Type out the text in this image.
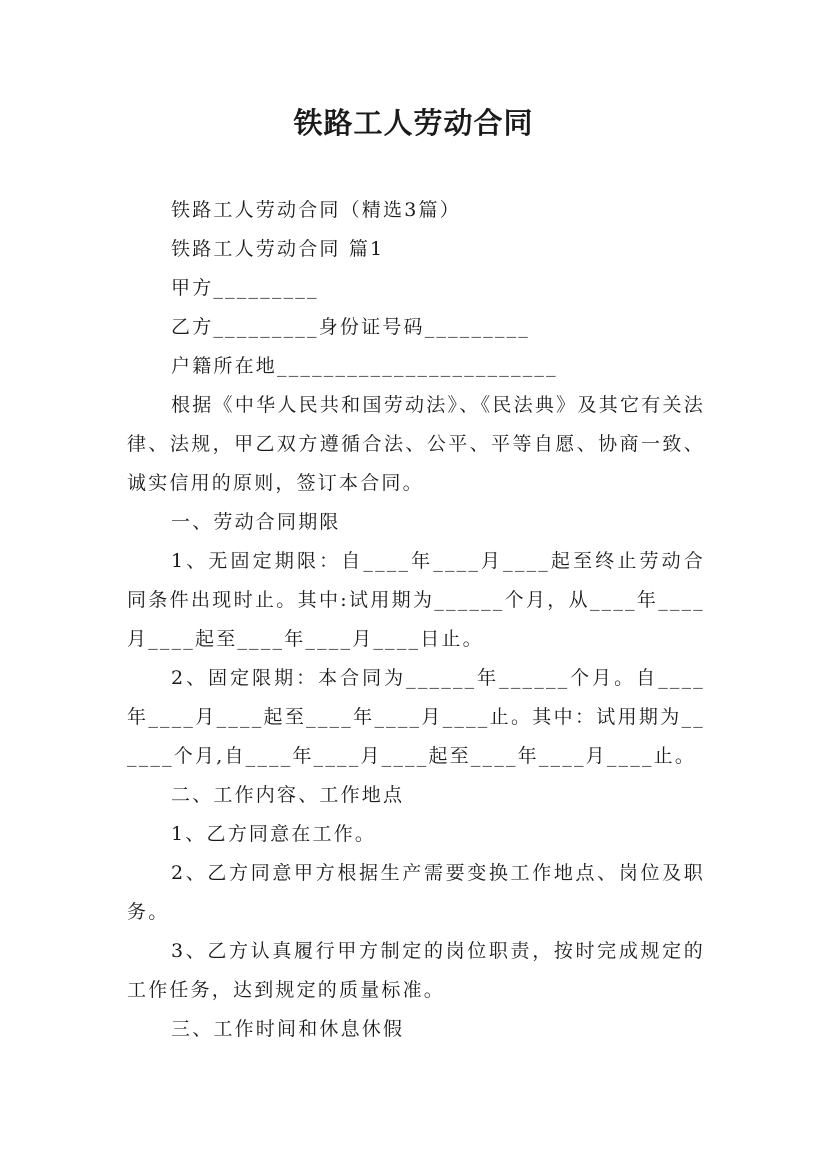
铁路工人劳动合同

铁路工人劳动合同（精选3篇）

铁路工人劳动合同 篇1

甲方_________

乙方_________身份证号码_________

户籍所在地________________________

根据《中华人民共和国劳动法》、《民法典》及其它有关法律、法规，甲乙双方遵循合法、公平、平等自愿、协商一致、诚实信用的原则，签订本合同。

一、劳动合同期限

1、无固定期限：自____年____月____起至终止劳动合同条件出现时止。其中:试用期为______个月，从____年____月____起至____年____月____日止。

2、固定限期：本合同为______年______个月。自____年____月____起至____年____月____止。其中：试用期为______个月,自____年____月____起至____年____月____止。

二、工作内容、工作地点

1、乙方同意在工作。

2、乙方同意甲方根据生产需要变换工作地点、岗位及职务。

3、乙方认真履行甲方制定的岗位职责，按时完成规定的工作任务，达到规定的质量标准。

三、工作时间和休息休假
